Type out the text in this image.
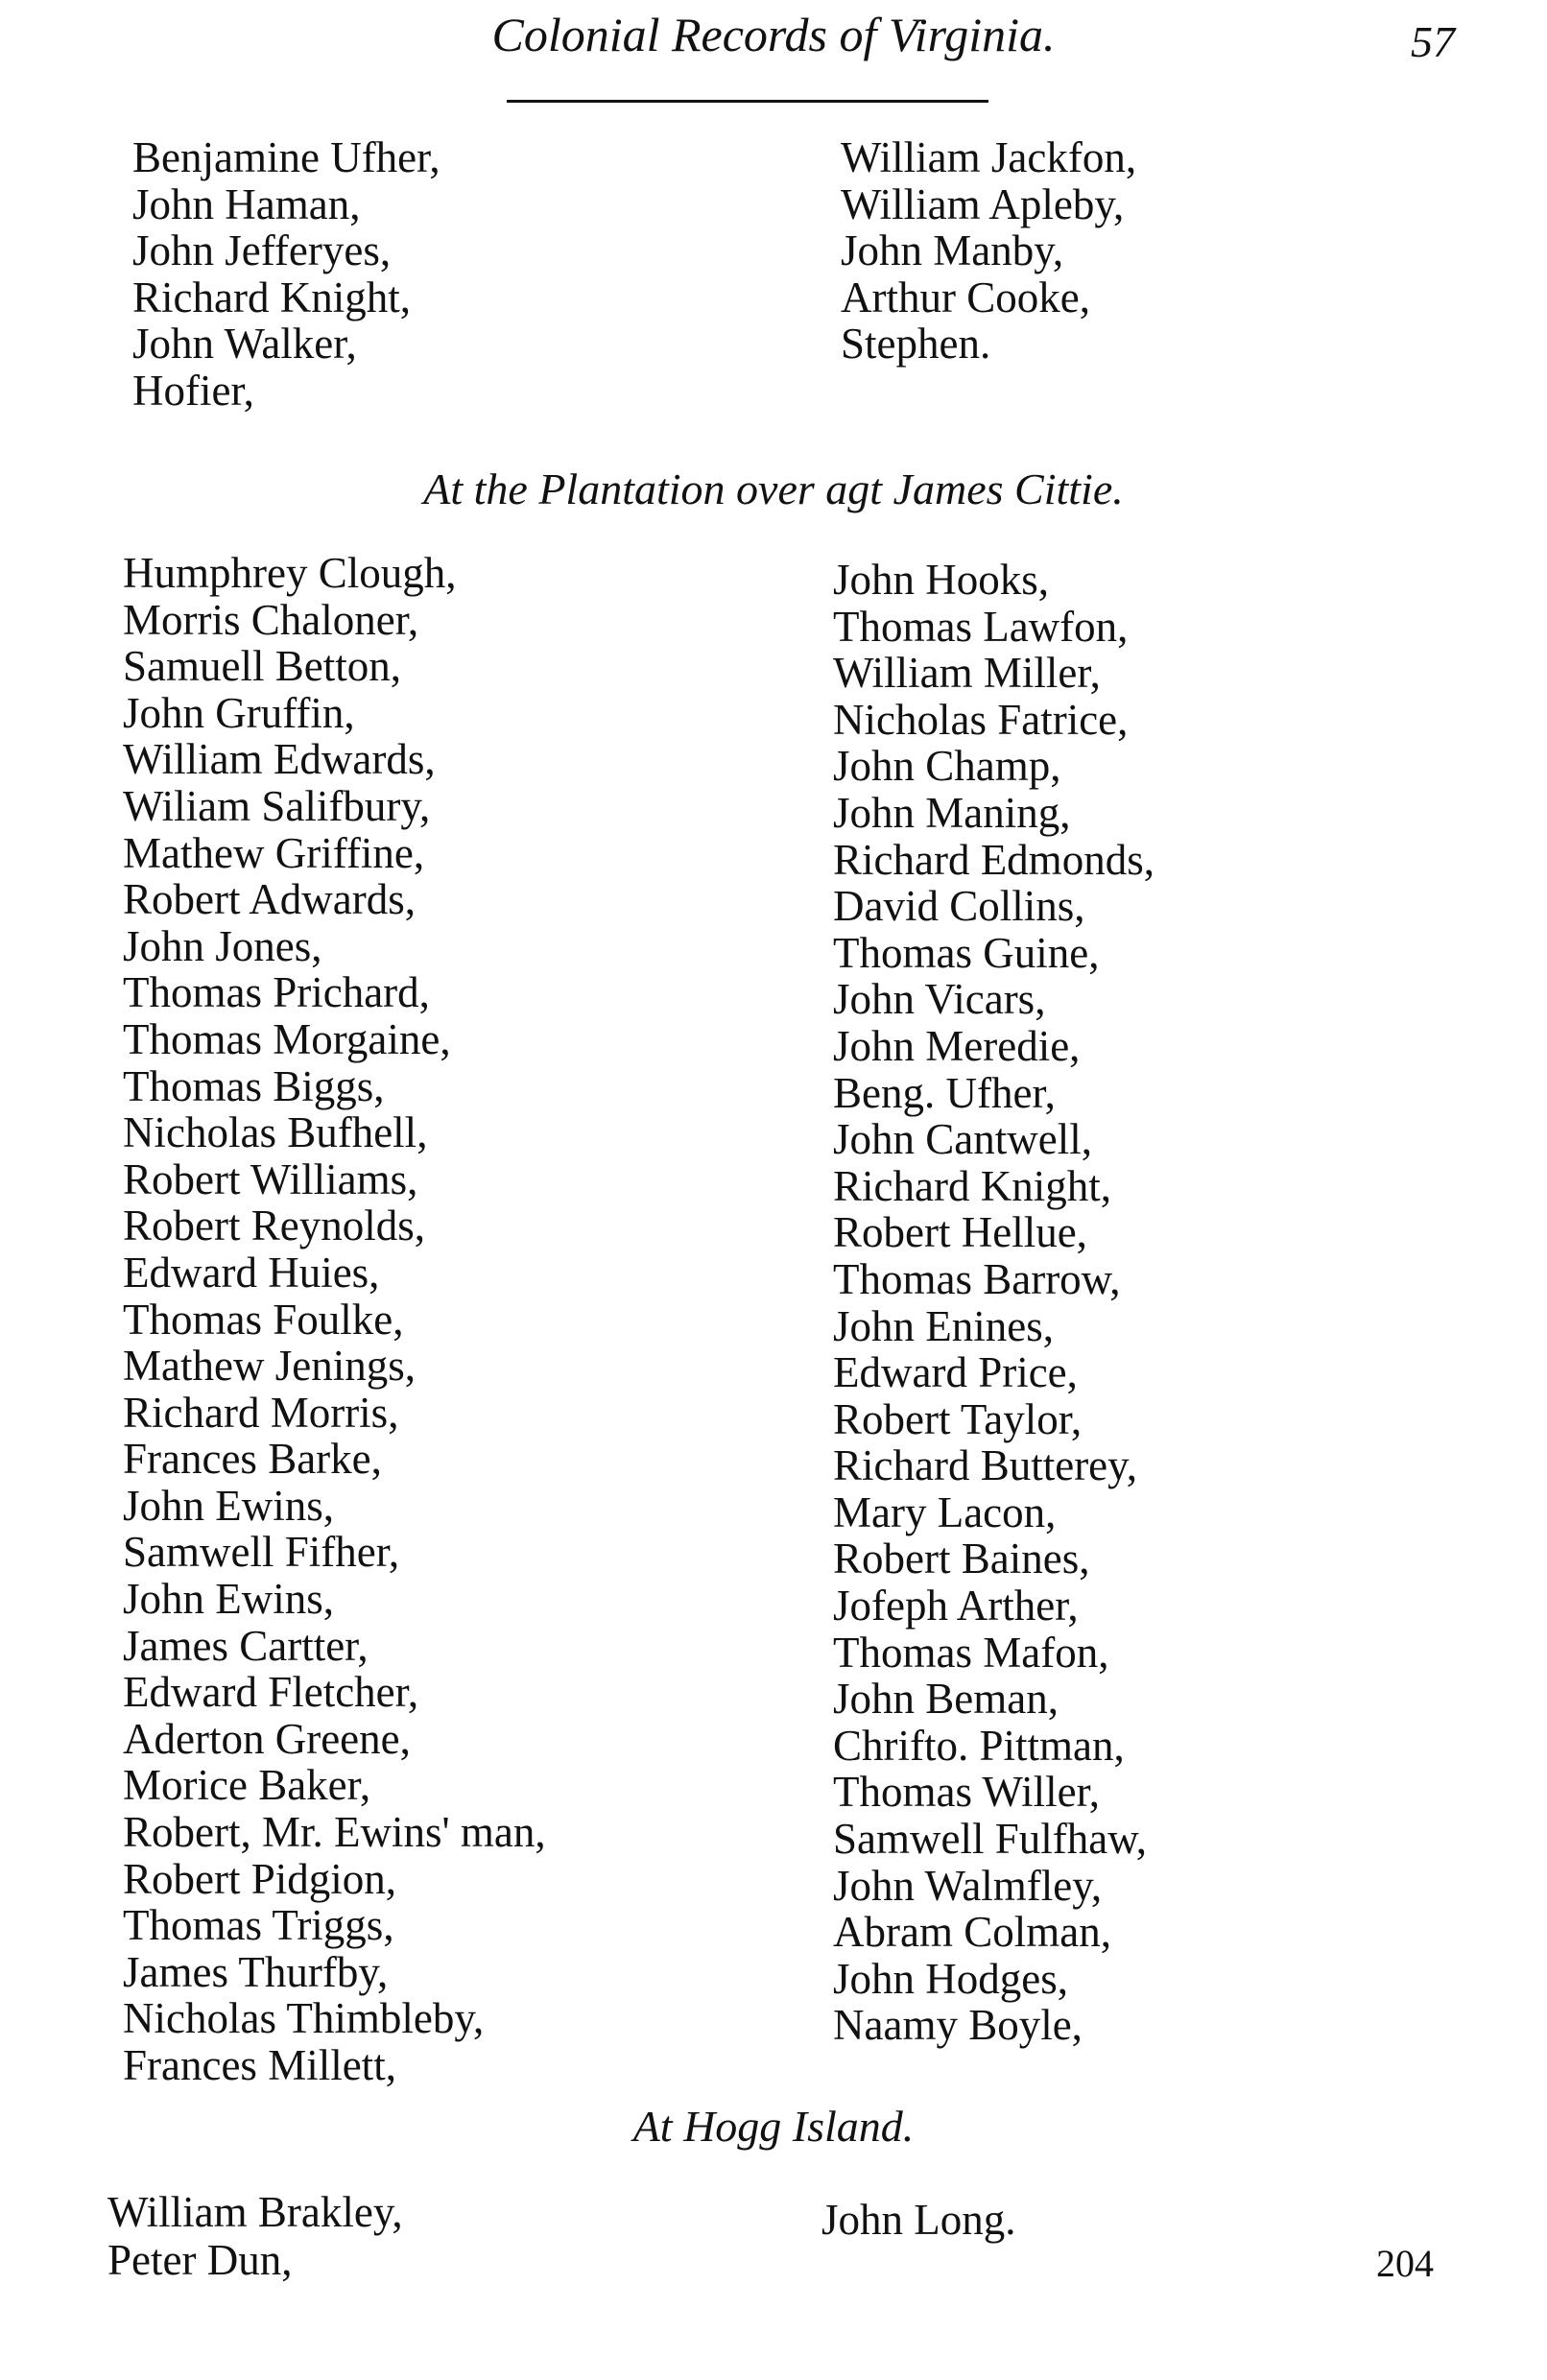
Colonial Records of Virginia.	57
Benjamine Ufher,
John Haman,
John Jefferyes,
Richard Knight,
John Walker,
Hofier,
William Jackfon,
William Apleby,
John Manby,
Arthur Cooke,
Stephen.
At the Plantation over agt James Cittie.
Humphrey Clough,
Morris Chaloner,
Samuell Betton,
John Gruffin,
William Edwards,
Wiliam Salifbury,
Mathew Griffine,
Robert Adwards,
John Jones,
Thomas Prichard,
Thomas Morgaine,
Thomas Biggs,
Nicholas Bufhell,
Robert Williams,
Robert Reynolds,
Edward Huies,
Thomas Foulke,
Mathew Jenings,
Richard Morris,
Frances Barke,
John Ewins,
Samwell Fifher,
John Ewins,
James Cartter,
Edward Fletcher,
Aderton Greene,
Morice Baker,
Robert, Mr. Ewins' man,
Robert Pidgion,
Thomas Triggs,
James Thurfby,
Nicholas Thimbleby,
Frances Millett,
John Hooks,
Thomas Lawfon,
William Miller,
Nicholas Fatrice,
John Champ,
John Maning,
Richard Edmonds,
David Collins,
Thomas Guine,
John Vicars,
John Meredie,
Beng. Ufher,
John Cantwell,
Richard Knight,
Robert Hellue,
Thomas Barrow,
John Enines,
Edward Price,
Robert Taylor,
Richard Butterey,
Mary Lacon,
Robert Baines,
Jofeph Arther,
Thomas Mafon,
John Beman,
Chrifto. Pittman,
Thomas Willer,
Samwell Fulfhaw,
John Walmfley,
Abram Colman,
John Hodges,
Naamy Boyle,
At Hogg Island.
William Brakley,
Peter Dun,
John Long.
204
